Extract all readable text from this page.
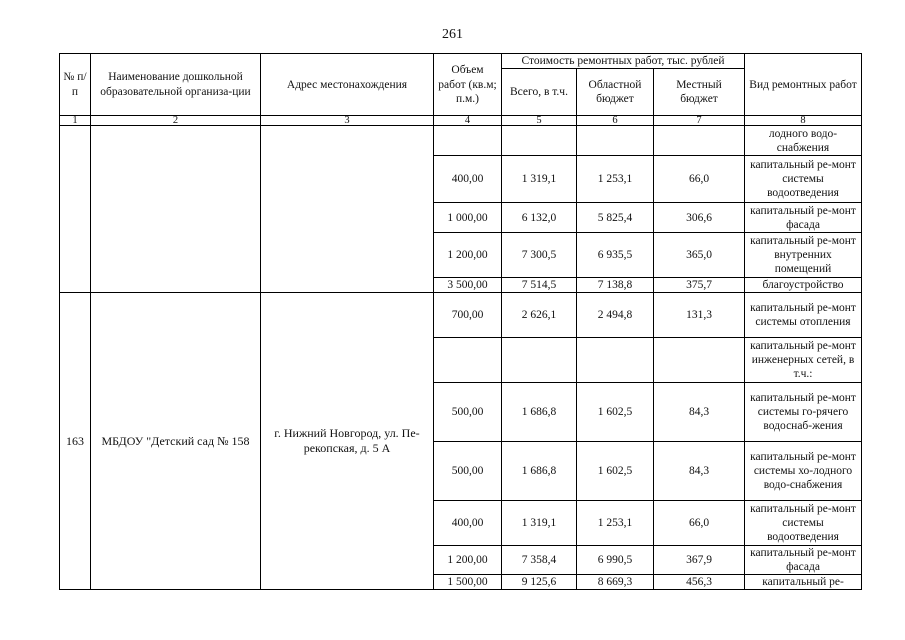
261
№ п/п	Наименование дошкольной образовательной организа-ции	Адрес местонахождения	Объем работ (кв.м; п.м.)	Стоимость ремонтных работ, тыс. рублей			Вид ремонтных работ
				Всего, в т.ч.	Областной бюджет	Местный бюджет	
1	2	3	4	5	6	7	8
							лодного водо-снабжения
			400,00	1 319,1	1 253,1	66,0	капитальный ре-монт системы водоотведения
			1 000,00	6 132,0	5 825,4	306,6	капитальный ре-монт фасада
			1 200,00	7 300,5	6 935,5	365,0	капитальный ре-монт внутренних помещений
			3 500,00	7 514,5	7 138,8	375,7	благоустройство
163	МБДОУ "Детский сад № 158	г. Нижний Новгород, ул. Пе-рекопская, д. 5 А	700,00	2 626,1	2 494,8	131,3	капитальный ре-монт системы отопления
							капитальный ре-монт инженерных сетей, в т.ч.:
			500,00	1 686,8	1 602,5	84,3	капитальный ре-монт системы го-рячего водоснаб-жения
			500,00	1 686,8	1 602,5	84,3	капитальный ре-монт системы хо-лодного водо-снабжения
			400,00	1 319,1	1 253,1	66,0	капитальный ре-монт системы водоотведения
			1 200,00	7 358,4	6 990,5	367,9	капитальный ре-монт фасада
			1 500,00	9 125,6	8 669,3	456,3	капитальный ре-
